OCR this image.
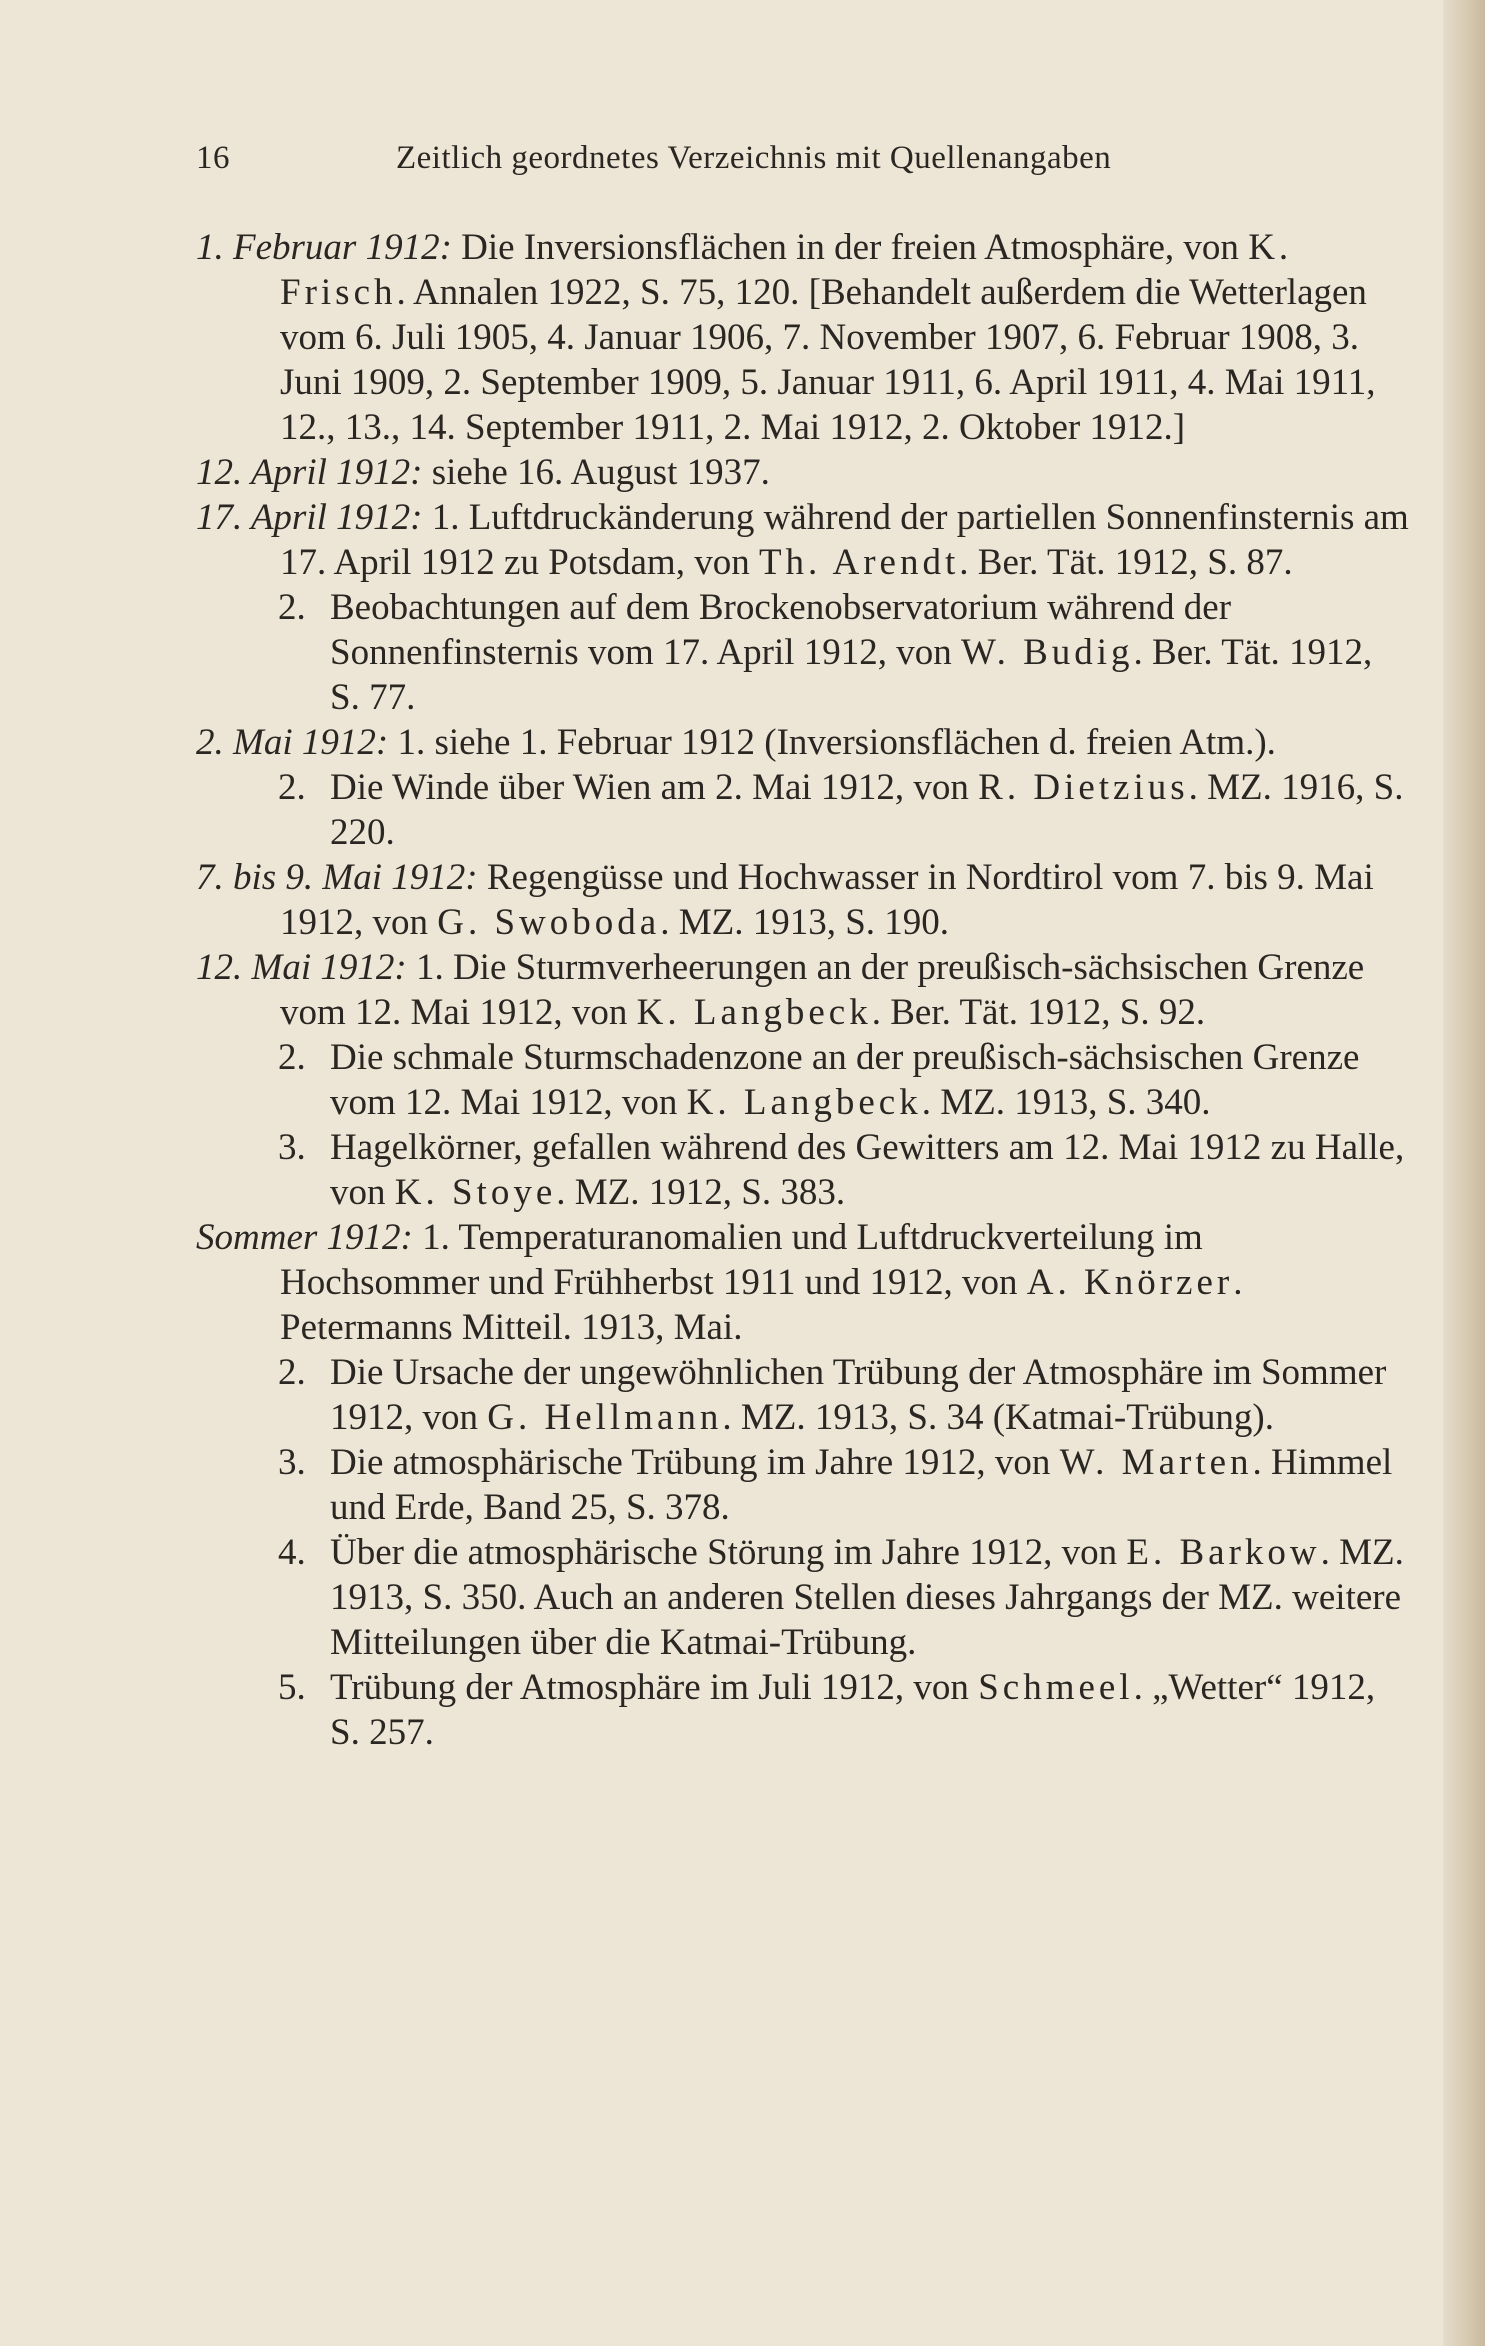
16	Zeitlich geordnetes Verzeichnis mit Quellenangaben

1. Februar 1912: Die Inversionsflächen in der freien Atmosphäre, von K. Frisch. Annalen 1922, S. 75, 120. [Behandelt außerdem die Wetterlagen vom 6. Juli 1905, 4. Januar 1906, 7. November 1907, 6. Februar 1908, 3. Juni 1909, 2. September 1909, 5. Januar 1911, 6. April 1911, 4. Mai 1911, 12., 13., 14. September 1911, 2. Mai 1912, 2. Oktober 1912.]

12. April 1912: siehe 16. August 1937.

17. April 1912: 1. Luftdruckänderung während der partiellen Sonnenfinsternis am 17. April 1912 zu Potsdam, von Th. Arendt. Ber. Tät. 1912, S. 87.

2. Beobachtungen auf dem Brockenobservatorium während der Sonnenfinsternis vom 17. April 1912, von W. Budig. Ber. Tät. 1912, S. 77.

2. Mai 1912: 1. siehe 1. Februar 1912 (Inversionsflächen d. freien Atm.).

2. Die Winde über Wien am 2. Mai 1912, von R. Dietzius. MZ. 1916, S. 220.

7. bis 9. Mai 1912: Regengüsse und Hochwasser in Nordtirol vom 7. bis 9. Mai 1912, von G. Swoboda. MZ. 1913, S. 190.

12. Mai 1912: 1. Die Sturmverheerungen an der preußisch-sächsischen Grenze vom 12. Mai 1912, von K. Langbeck. Ber. Tät. 1912, S. 92.

2. Die schmale Sturmschadenzone an der preußisch-sächsischen Grenze vom 12. Mai 1912, von K. Langbeck. MZ. 1913, S. 340.

3. Hagelkörner, gefallen während des Gewitters am 12. Mai 1912 zu Halle, von K. Stoye. MZ. 1912, S. 383.

Sommer 1912: 1. Temperaturanomalien und Luftdruckverteilung im Hochsommer und Frühherbst 1911 und 1912, von A. Knörzer. Petermanns Mitteil. 1913, Mai.

2. Die Ursache der ungewöhnlichen Trübung der Atmosphäre im Sommer 1912, von G. Hellmann. MZ. 1913, S. 34 (Katmai-Trübung).

3. Die atmosphärische Trübung im Jahre 1912, von W. Marten. Himmel und Erde, Band 25, S. 378.

4. Über die atmosphärische Störung im Jahre 1912, von E. Barkow. MZ. 1913, S. 350. Auch an anderen Stellen dieses Jahrgangs der MZ. weitere Mitteilungen über die Katmai-Trübung.

5. Trübung der Atmosphäre im Juli 1912, von Schmeel. „Wetter“ 1912, S. 257.
